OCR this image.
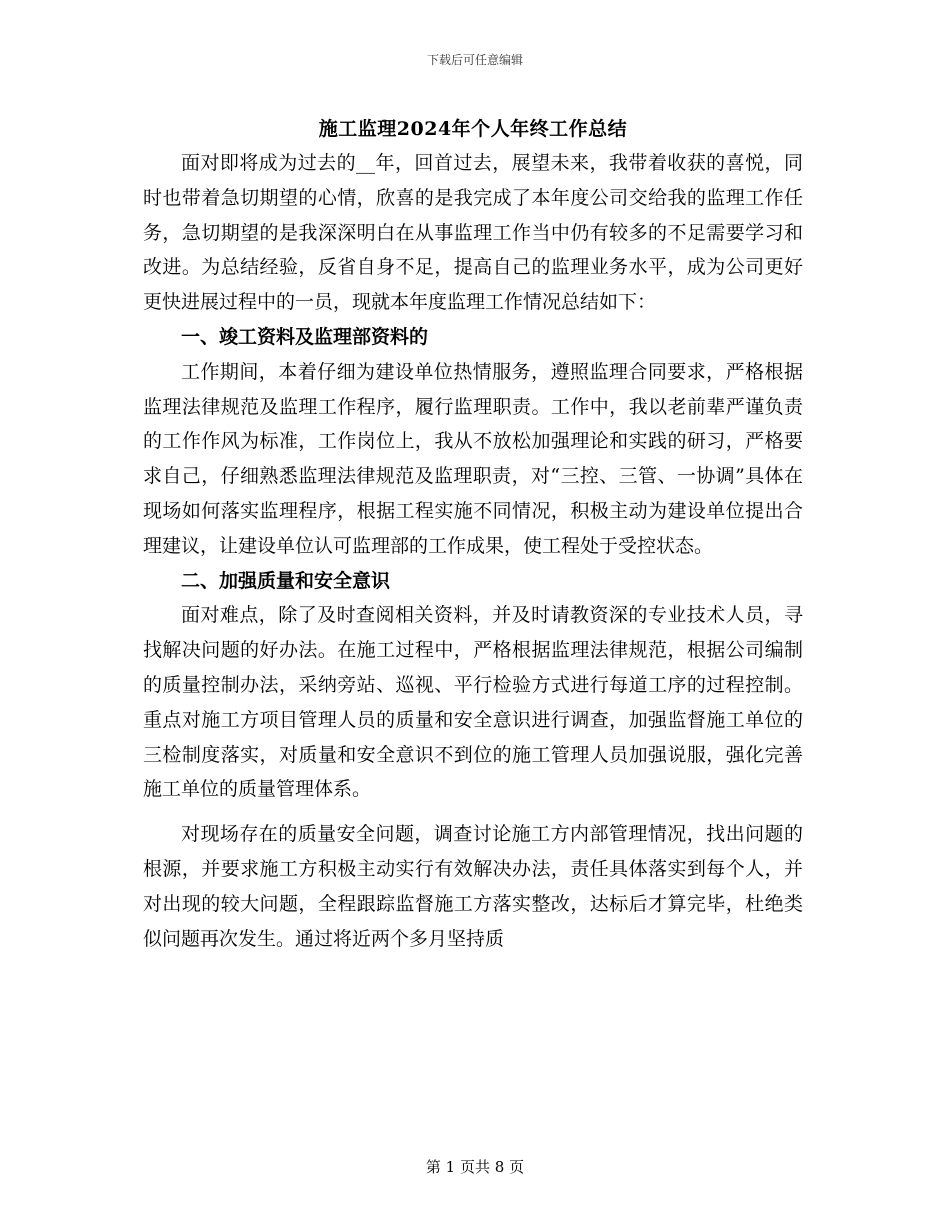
下载后可任意编辑
施工监理2024年个人年终工作总结

面对即将成为过去的__年，回首过去，展望未来，我带着收获的喜悦，同时也带着急切期望的心情，欣喜的是我完成了本年度公司交给我的监理工作任务，急切期望的是我深深明白在从事监理工作当中仍有较多的不足需要学习和改进。为总结经验，反省自身不足，提高自己的监理业务水平，成为公司更好更快进展过程中的一员，现就本年度监理工作情况总结如下：

一、竣工资料及监理部资料的

工作期间，本着仔细为建设单位热情服务，遵照监理合同要求，严格根据监理法律规范及监理工作程序，履行监理职责。工作中，我以老前辈严谨负责的工作作风为标准，工作岗位上，我从不放松加强理论和实践的研习，严格要求自己，仔细熟悉监理法律规范及监理职责，对“三控、三管、一协调”具体在现场如何落实监理程序，根据工程实施不同情况，积极主动为建设单位提出合理建议，让建设单位认可监理部的工作成果，使工程处于受控状态。

二、加强质量和安全意识

面对难点，除了及时查阅相关资料，并及时请教资深的专业技术人员，寻找解决问题的好办法。在施工过程中，严格根据监理法律规范，根据公司编制的质量控制办法，采纳旁站、巡视、平行检验方式进行每道工序的过程控制。重点对施工方项目管理人员的质量和安全意识进行调查，加强监督施工单位的三检制度落实，对质量和安全意识不到位的施工管理人员加强说服，强化完善施工单位的质量管理体系。

对现场存在的质量安全问题，调查讨论施工方内部管理情况，找出问题的根源，并要求施工方积极主动实行有效解决办法，责任具体落实到每个人，并对出现的较大问题，全程跟踪监督施工方落实整改，达标后才算完毕，杜绝类似问题再次发生。通过将近两个多月坚持质

第 1 页共 8 页
